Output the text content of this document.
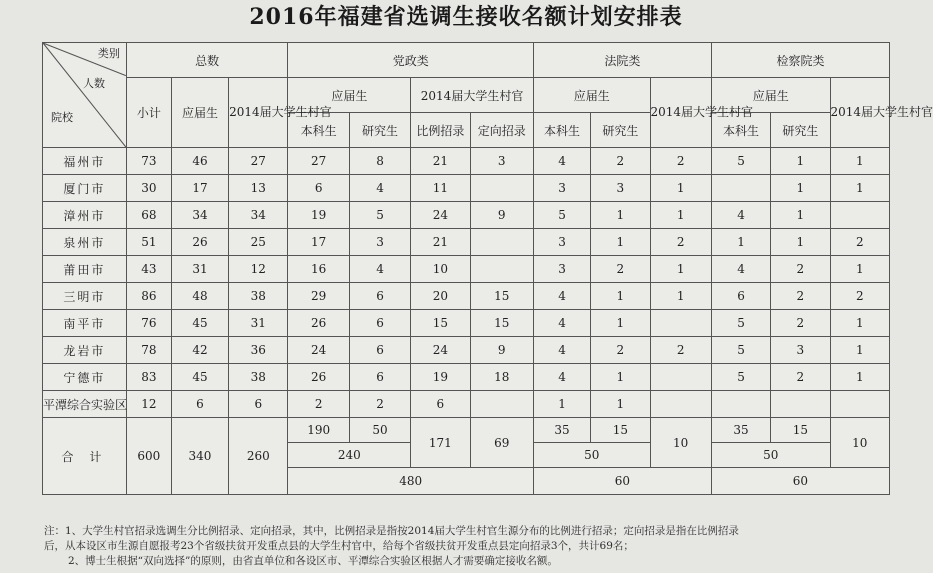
2016年福建省选调生接收名额计划安排表
类别
人数
院校	总数			党政类				法院类			检察院类		
	小计	应届生	2014届大学生村官	应届生		2014届大学生村官		应届生		2014届大学生村官	应届生		2014届大学生村官
				本科生	研究生	比例招录	定向招录	本科生	研究生		本科生	研究生	
福州市	73	46	27	27	8	21	3	4	2	2	5	1	1
厦门市	30	17	13	6	4	11		3	3	1		1	1
漳州市	68	34	34	19	5	24	9	5	1	1	4	1	
泉州市	51	26	25	17	3	21		3	1	2	1	1	2
莆田市	43	31	12	16	4	10		3	2	1	4	2	1
三明市	86	48	38	29	6	20	15	4	1	1	6	2	2
南平市	76	45	31	26	6	15	15	4	1		5	2	1
龙岩市	78	42	36	24	6	24	9	4	2	2	5	3	1
宁德市	83	45	38	26	6	19	18	4	1		5	2	1
平潭综合实验区	12	6	6	2	2	6		1	1				
合 计	600	340	260	190	50	171	69	35	15	10	35	15	10
				240				50			50		
				480				60			60		
注：1、大学生村官招录选调生分比例招录、定向招录，其中，比例招录是指按2014届大学生村官生源分布的比例进行招录；定向招录是指在比例招录
后，从本设区市生源自愿报考23个省级扶贫开发重点县的大学生村官中，给每个省级扶贫开发重点县定向招录3个，共计69名；
2、博士生根据“双向选择”的原则，由省直单位和各设区市、平潭综合实验区根据人才需要确定接收名额。
